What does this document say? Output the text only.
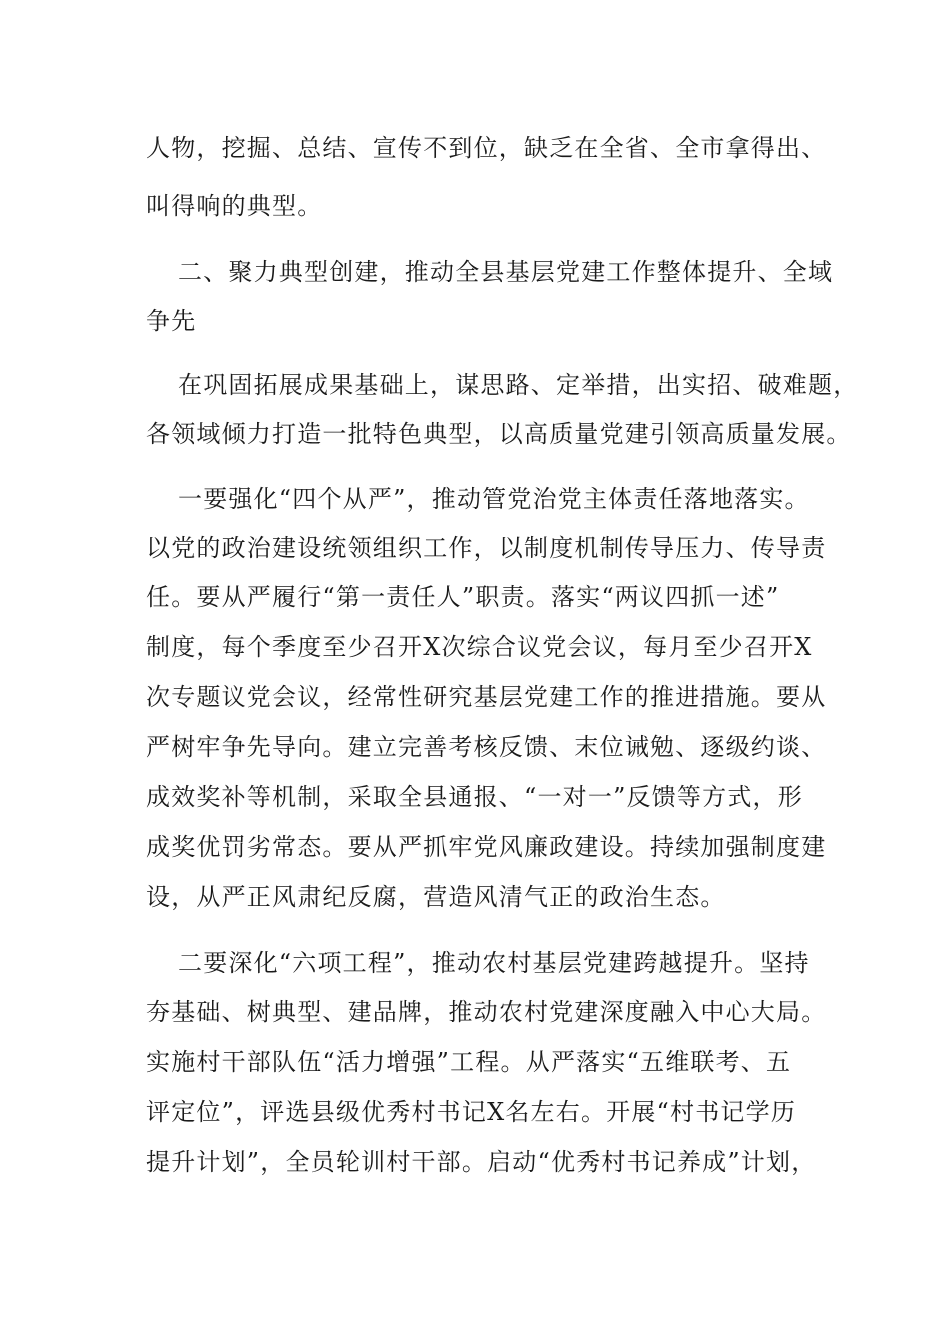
人物，挖掘、总结、宣传不到位，缺乏在全省、全市拿得出、
叫得响的典型。
二、聚力典型创建，推动全县基层党建工作整体提升、全域
争先
在巩固拓展成果基础上，谋思路、定举措，出实招、破难题，
各领域倾力打造一批特色典型，以高质量党建引领高质量发展。
一要强化“四个从严”，推动管党治党主体责任落地落实。
以党的政治建设统领组织工作，以制度机制传导压力、传导责
任。要从严履行“第一责任人”职责。落实“两议四抓一述”
制度，每个季度至少召开X次综合议党会议，每月至少召开X
次专题议党会议，经常性研究基层党建工作的推进措施。要从
严树牢争先导向。建立完善考核反馈、末位诫勉、逐级约谈、
成效奖补等机制，采取全县通报、“一对一”反馈等方式，形
成奖优罚劣常态。要从严抓牢党风廉政建设。持续加强制度建
设，从严正风肃纪反腐，营造风清气正的政治生态。
二要深化“六项工程”，推动农村基层党建跨越提升。坚持
夯基础、树典型、建品牌，推动农村党建深度融入中心大局。
实施村干部队伍“活力增强”工程。从严落实“五维联考、五
评定位”，评选县级优秀村书记X名左右。开展“村书记学历
提升计划”，全员轮训村干部。启动“优秀村书记养成”计划，
